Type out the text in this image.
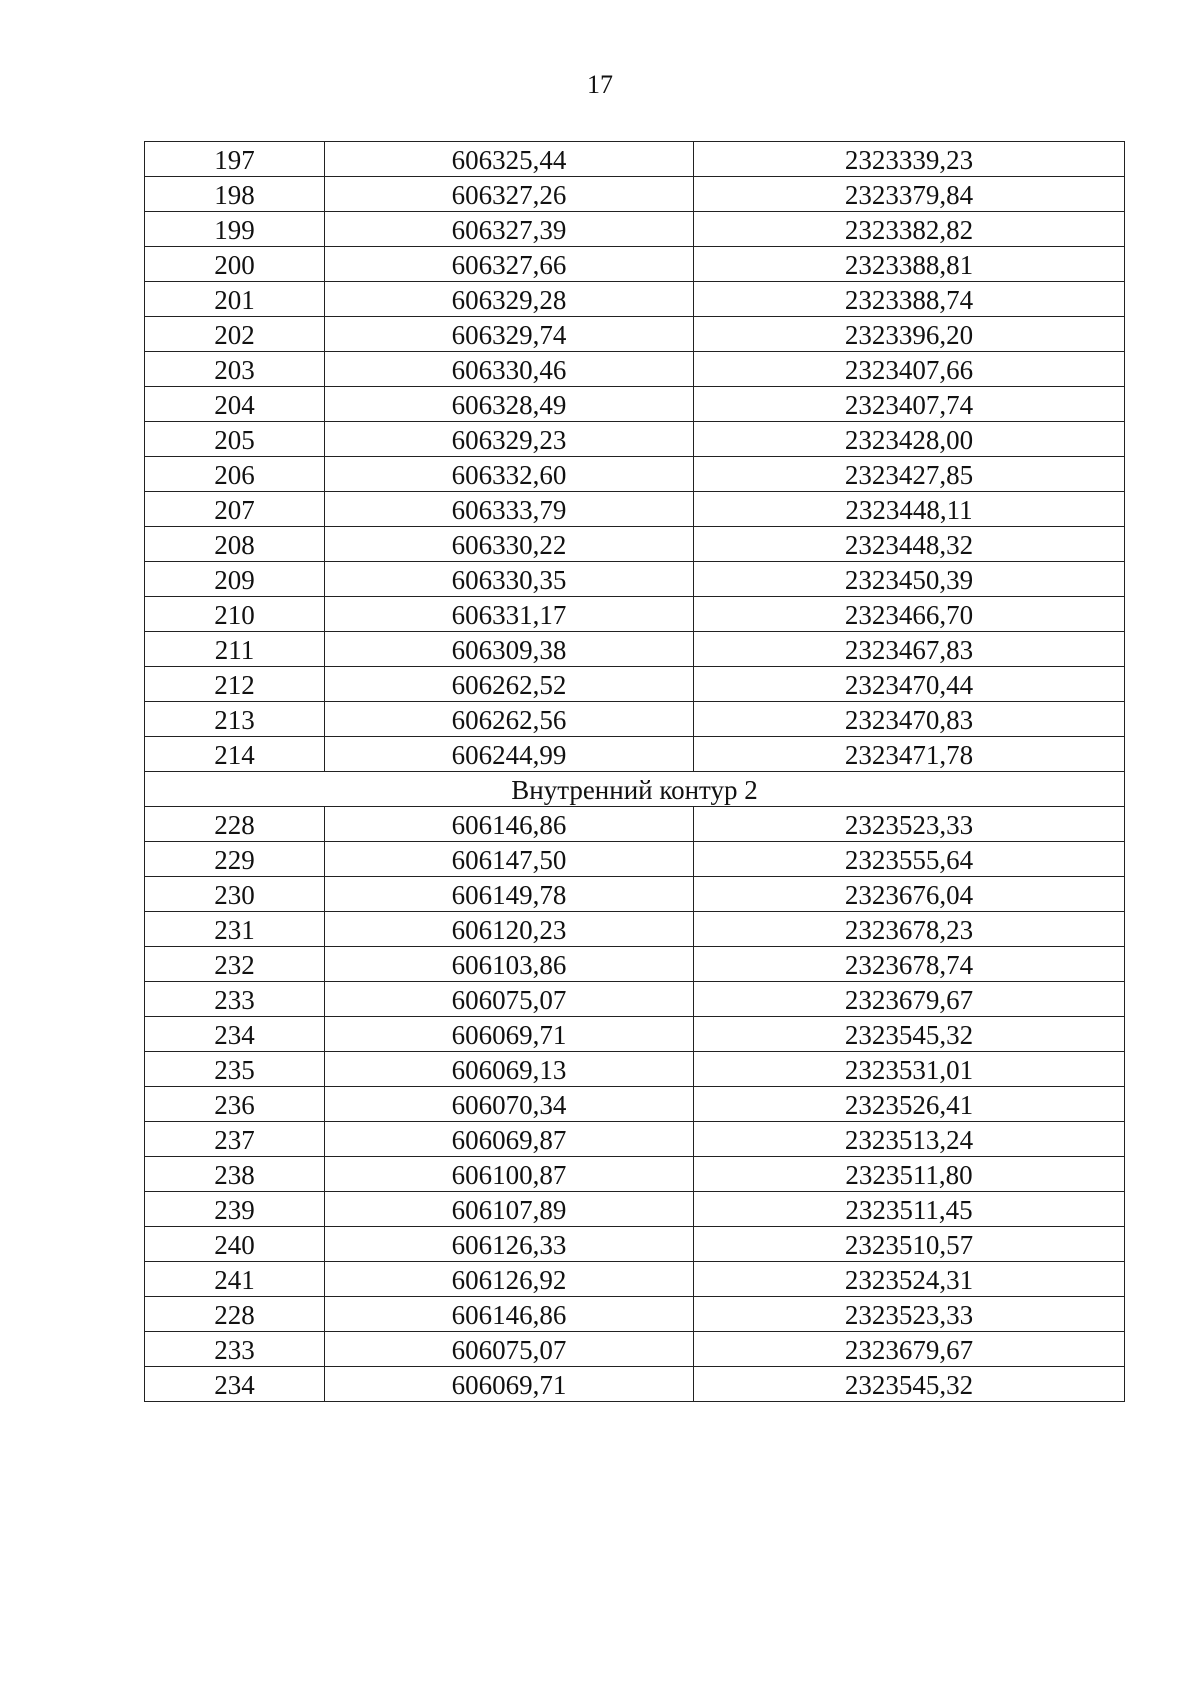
17
197	606325,44	2323339,23
198	606327,26	2323379,84
199	606327,39	2323382,82
200	606327,66	2323388,81
201	606329,28	2323388,74
202	606329,74	2323396,20
203	606330,46	2323407,66
204	606328,49	2323407,74
205	606329,23	2323428,00
206	606332,60	2323427,85
207	606333,79	2323448,11
208	606330,22	2323448,32
209	606330,35	2323450,39
210	606331,17	2323466,70
211	606309,38	2323467,83
212	606262,52	2323470,44
213	606262,56	2323470,83
214	606244,99	2323471,78
Внутренний контур 2		
228	606146,86	2323523,33
229	606147,50	2323555,64
230	606149,78	2323676,04
231	606120,23	2323678,23
232	606103,86	2323678,74
233	606075,07	2323679,67
234	606069,71	2323545,32
235	606069,13	2323531,01
236	606070,34	2323526,41
237	606069,87	2323513,24
238	606100,87	2323511,80
239	606107,89	2323511,45
240	606126,33	2323510,57
241	606126,92	2323524,31
228	606146,86	2323523,33
233	606075,07	2323679,67
234	606069,71	2323545,32
